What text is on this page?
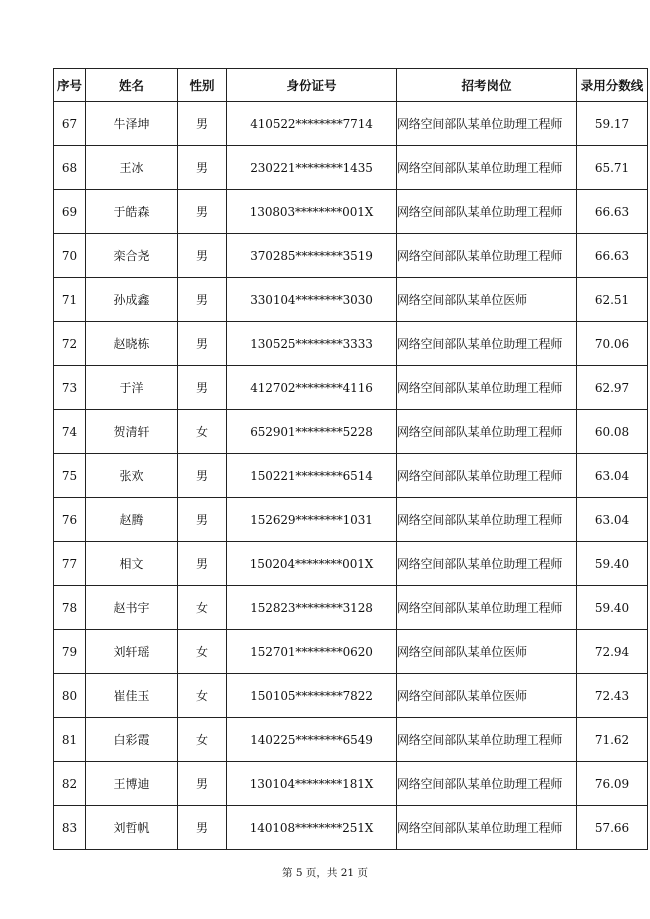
序号	姓名	性别	身份证号	招考岗位	录用分数线
67	牛泽坤	男	410522********7714	网络空间部队某单位助理工程师	59.17
68	王冰	男	230221********1435	网络空间部队某单位助理工程师	65.71
69	于皓森	男	130803********001X	网络空间部队某单位助理工程师	66.63
70	栾合尧	男	370285********3519	网络空间部队某单位助理工程师	66.63
71	孙成鑫	男	330104********3030	网络空间部队某单位医师	62.51
72	赵晓栋	男	130525********3333	网络空间部队某单位助理工程师	70.06
73	于洋	男	412702********4116	网络空间部队某单位助理工程师	62.97
74	贺清轩	女	652901********5228	网络空间部队某单位助理工程师	60.08
75	张欢	男	150221********6514	网络空间部队某单位助理工程师	63.04
76	赵腾	男	152629********1031	网络空间部队某单位助理工程师	63.04
77	相文	男	150204********001X	网络空间部队某单位助理工程师	59.40
78	赵书宇	女	152823********3128	网络空间部队某单位助理工程师	59.40
79	刘轩瑶	女	152701********0620	网络空间部队某单位医师	72.94
80	崔佳玉	女	150105********7822	网络空间部队某单位医师	72.43
81	白彩霞	女	140225********6549	网络空间部队某单位助理工程师	71.62
82	王博迪	男	130104********181X	网络空间部队某单位助理工程师	76.09
83	刘哲帆	男	140108********251X	网络空间部队某单位助理工程师	57.66
第 5 页，共 21 页
